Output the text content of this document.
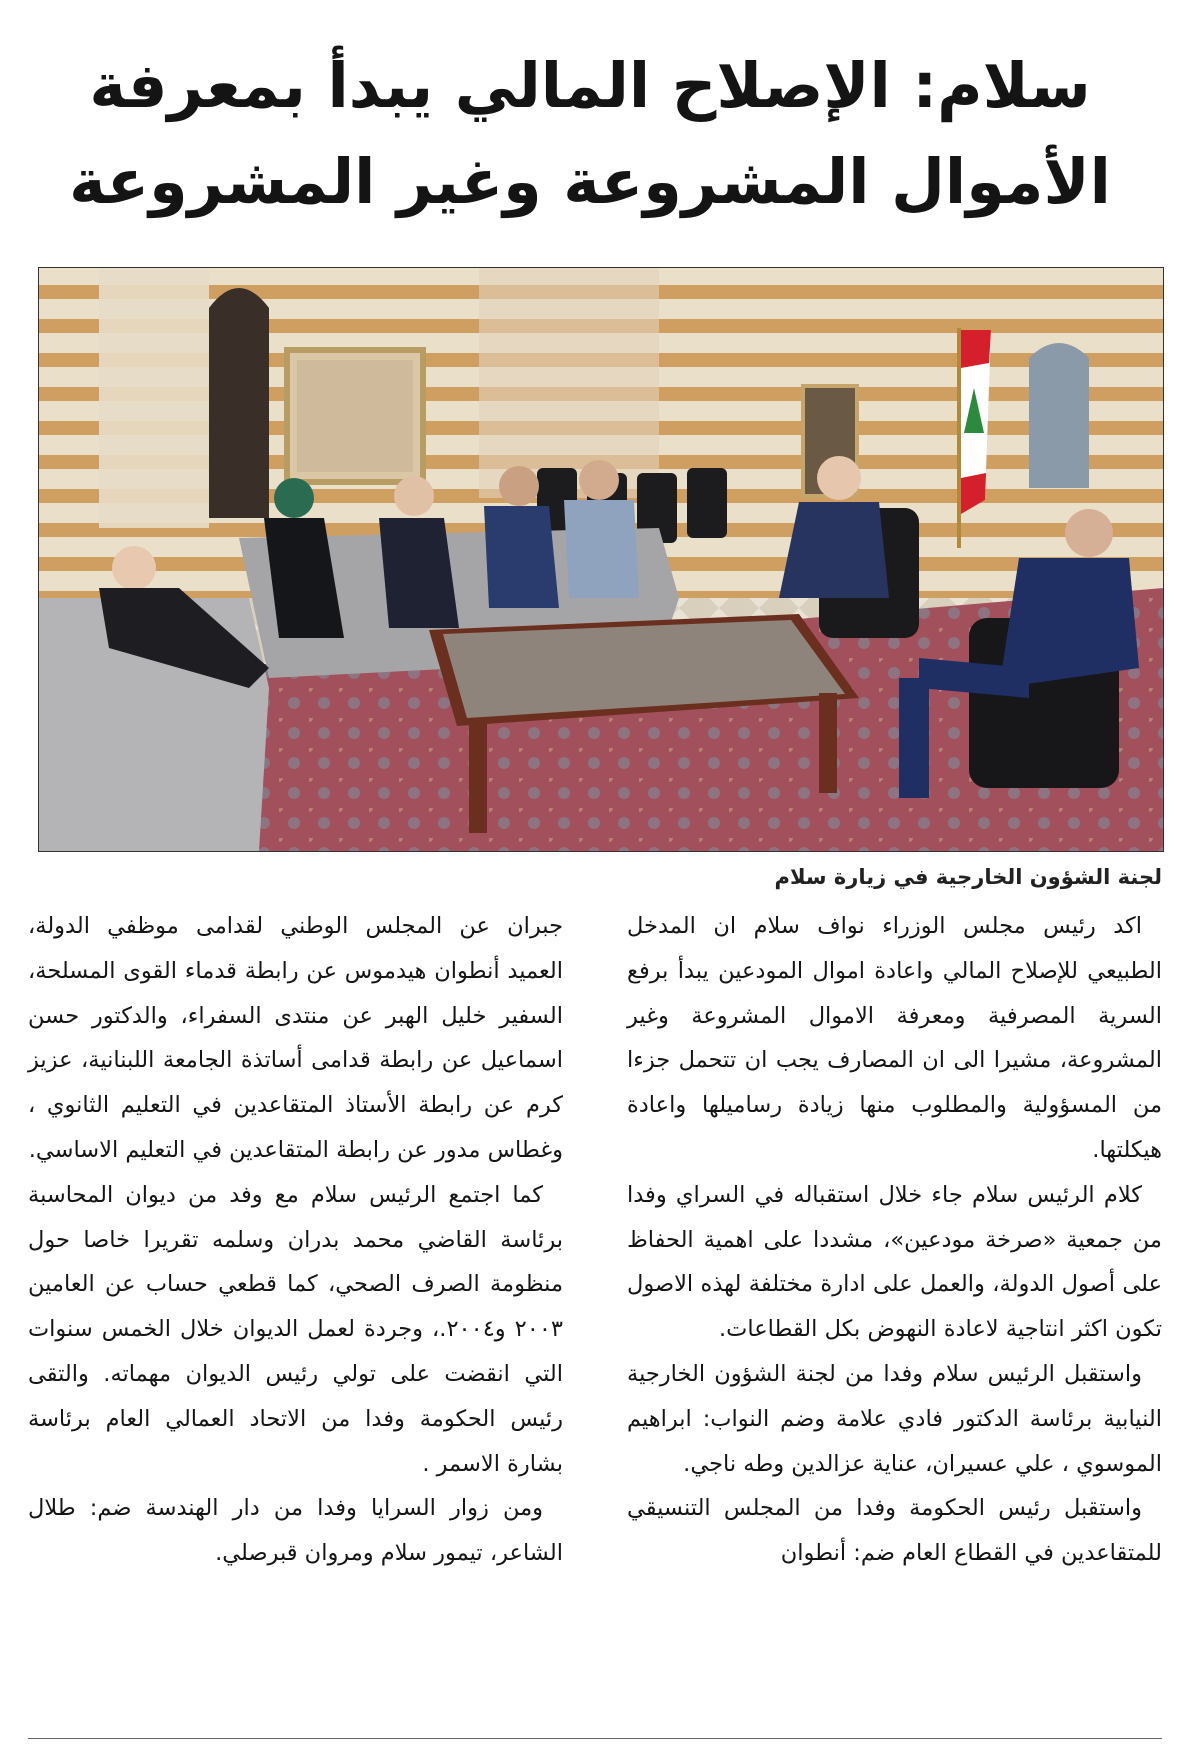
سلام: الإصلاح المالي يبدأ بمعرفة
الأموال المشروعة وغير المشروعة
لجنة الشؤون الخارجية في زيارة سلام

اكد رئيس مجلس الوزراء نواف سلام ان المدخل الطبيعي للإصلاح المالي واعادة اموال المودعين يبدأ برفع السرية المصرفية ومعرفة الاموال المشروعة وغير المشروعة، مشيرا الى ان المصارف يجب ان تتحمل جزءا من المسؤولية والمطلوب منها زيادة رساميلها واعادة هيكلتها.

كلام الرئيس سلام جاء خلال استقباله في السراي وفدا من جمعية «صرخة مودعين»، مشددا على اهمية الحفاظ على أصول الدولة، والعمل على ادارة مختلفة لهذه الاصول تكون اكثر انتاجية لاعادة النهوض بكل القطاعات.

واستقبل الرئيس سلام وفدا من لجنة الشؤون الخارجية النيابية برئاسة الدكتور فادي علامة وضم النواب: ابراهيم الموسوي ، علي عسيران، عناية عزالدين وطه ناجي.

واستقبل رئيس الحكومة وفدا من المجلس التنسيقي للمتقاعدين في القطاع العام ضم: أنطوان

جبران عن المجلس الوطني لقدامى موظفي الدولة، العميد أنطوان هيدموس عن رابطة قدماء القوى المسلحة، السفير خليل الهبر عن منتدى السفراء، والدكتور حسن اسماعيل عن رابطة قدامى أساتذة الجامعة اللبنانية، عزيز كرم عن رابطة الأستاذ المتقاعدين في التعليم الثانوي ، وغطاس مدور عن رابطة المتقاعدين في التعليم الاساسي.

كما اجتمع الرئيس سلام مع وفد من ديوان المحاسبة برئاسة القاضي محمد بدران وسلمه تقريرا خاصا حول منظومة الصرف الصحي، كما قطعي حساب عن العامين ٢٠٠٣ و٢٠٠٤.، وجردة لعمل الديوان خلال الخمس سنوات التي انقضت على تولي رئيس الديوان مهماته. والتقى رئيس الحكومة وفدا من الاتحاد العمالي العام برئاسة بشارة الاسمر .

ومن زوار السرايا وفدا من دار الهندسة ضم: طلال الشاعر، تيمور سلام ومروان قبرصلي.
